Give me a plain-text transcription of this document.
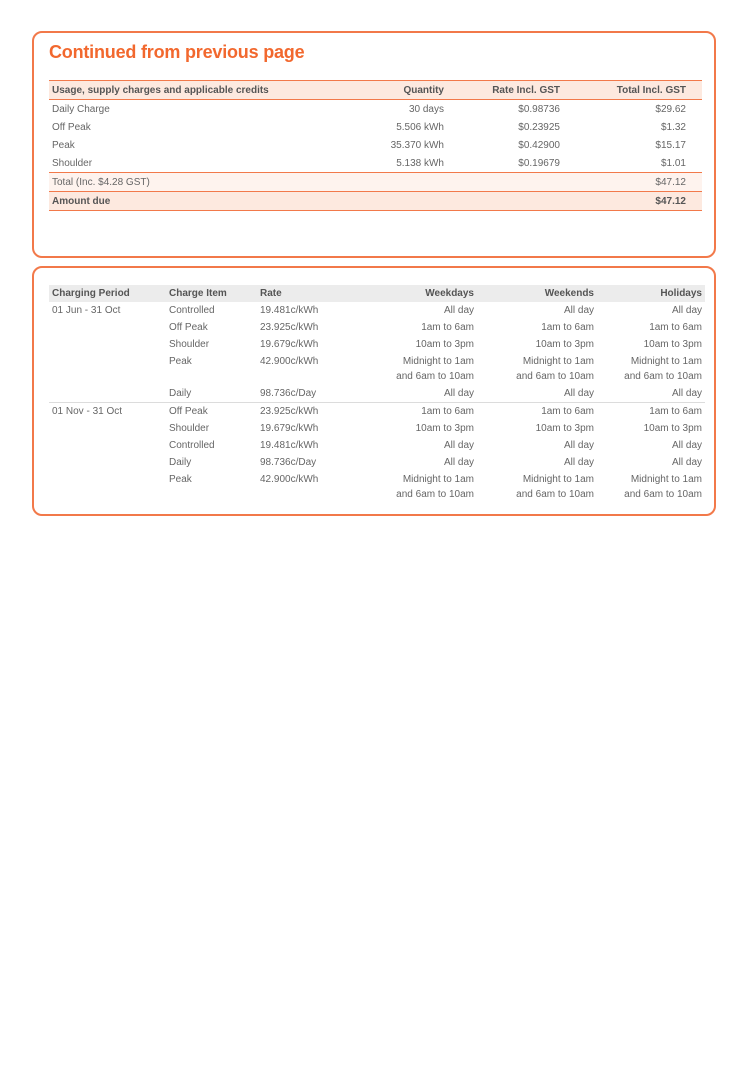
Continued from previous page
Usage, supply charges and applicable credits	Quantity	Rate Incl. GST	Total Incl. GST
Daily Charge	30 days	$0.98736	$29.62
Off Peak	5.506 kWh	$0.23925	$1.32
Peak	35.370 kWh	$0.42900	$15.17
Shoulder	5.138 kWh	$0.19679	$1.01
Total (Inc. $4.28 GST)			$47.12
Amount due			$47.12
Charging Period	Charge Item	Rate	Weekdays	Weekends	Holidays
01 Jun - 31 Oct	Controlled	19.481c/kWh	All day	All day	All day
	Off Peak	23.925c/kWh	1am to 6am	1am to 6am	1am to 6am
	Shoulder	19.679c/kWh	10am to 3pm	10am to 3pm	10am to 3pm
	Peak	42.900c/kWh	Midnight to 1am
and 6am to 10am	Midnight to 1am
and 6am to 10am	Midnight to 1am
and 6am to 10am
	Daily	98.736c/Day	All day	All day	All day
01 Nov - 31 Oct	Off Peak	23.925c/kWh	1am to 6am	1am to 6am	1am to 6am
	Shoulder	19.679c/kWh	10am to 3pm	10am to 3pm	10am to 3pm
	Controlled	19.481c/kWh	All day	All day	All day
	Daily	98.736c/Day	All day	All day	All day
	Peak	42.900c/kWh	Midnight to 1am
and 6am to 10am	Midnight to 1am
and 6am to 10am	Midnight to 1am
and 6am to 10am
